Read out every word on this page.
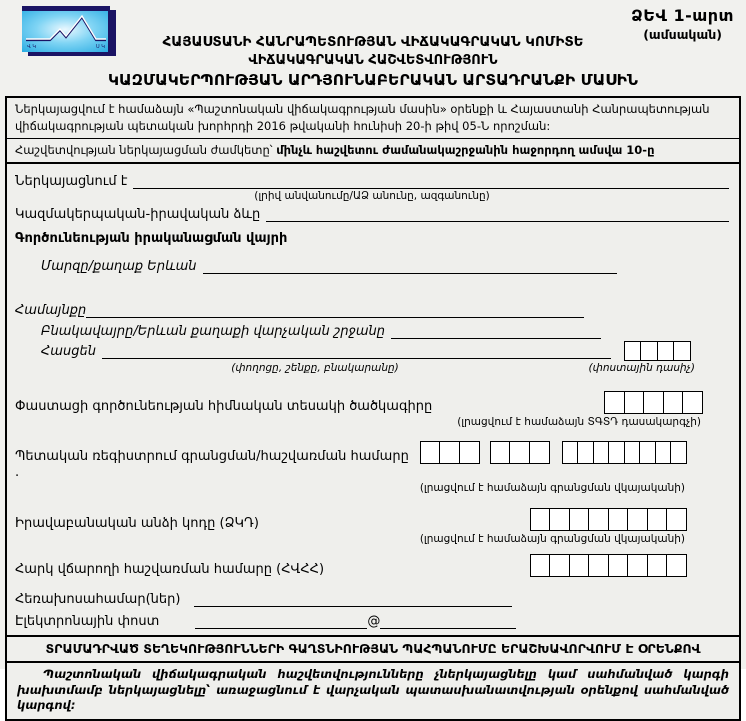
Վ Կ	Ս Կ
ՁԵՎ 1-արտ
(ամսական)
ՀԱՅԱՍՏԱՆԻ ՀԱՆՐԱՊԵՏՈՒԹՅԱՆ ՎԻՃԱԿԱԳՐԱԿԱՆ ԿՈՄԻՏԵ
ՎԻՃԱԿԱԳՐԱԿԱՆ ՀԱՇՎԵՏՎՈՒԹՅՈՒՆ
ԿԱԶՄԱԿԵՐՊՈՒԹՅԱՆ ԱՐԴՅՈՒՆԱԲԵՐԱԿԱՆ ԱՐՏԱԴՐԱՆՔԻ ՄԱՍԻՆ
Ներկայացվում է համաձայն «Պաշտոնական վիճակագրության մասին» օրենքի և Հայաստանի Հանրապետության վիճակագրության պետական խորհրդի 2016 թվականի հունիսի 20-ի թիվ 05-Ն որոշման:
Հաշվետվության ներկայացման ժամկետը՝ մինչև հաշվետու ժամանակաշրջանին հաջորդող ամսվա 10-ը
Ներկայացնում է
(լրիվ անվանումը/ԱՁ անունը, ազգանունը)
Կազմակերպական-իրավական ձևը
Գործունեության իրականացման վայրի
Մարզը/քաղաք Երևան
Համայնքը
Բնակավայրը/Երևան քաղաքի վարչական շրջանը
Հասցեն
(փողոցը, շենքը, բնակարանը)	(փոստային դասիչ)
Փաստացի գործունեության հիմնական տեսակի ծածկագիրը
(լրացվում է համաձայն ՏԳՏԴ դասակարգչի)
Պետական ռեգիստրում գրանցման/հաշվառման համարը
.
(լրացվում է համաձայն գրանցման վկայականի)
Իրավաբանական անձի կոդը (ՁԿԴ)
(լրացվում է համաձայն գրանցման վկայականի)
Հարկ վճարողի հաշվառման համարը (ՀՎՀՀ)
Հեռախոսահամար(ներ)
Էլեկտրոնային փոստ	@
ՏՐԱՄԱԴՐՎԱԾ ՏԵՂԵԿՈՒԹՅՈՒՆՆԵՐԻ ԳԱՂՏՆԻՈՒԹՅԱՆ ՊԱՀՊԱՆՈՒՄԸ ԵՐԱՇԽԱՎՈՐՎՈՒՄ Է ՕՐԵՆՔՈՎ

Պաշտոնական վիճակագրական հաշվետվությունները չներկայացնելը կամ սահմանված կարգի խախտմամբ ներկայացնելը՝ առաջացնում է վարչական պատասխանատվության օրենքով սահմանված կարգով:
